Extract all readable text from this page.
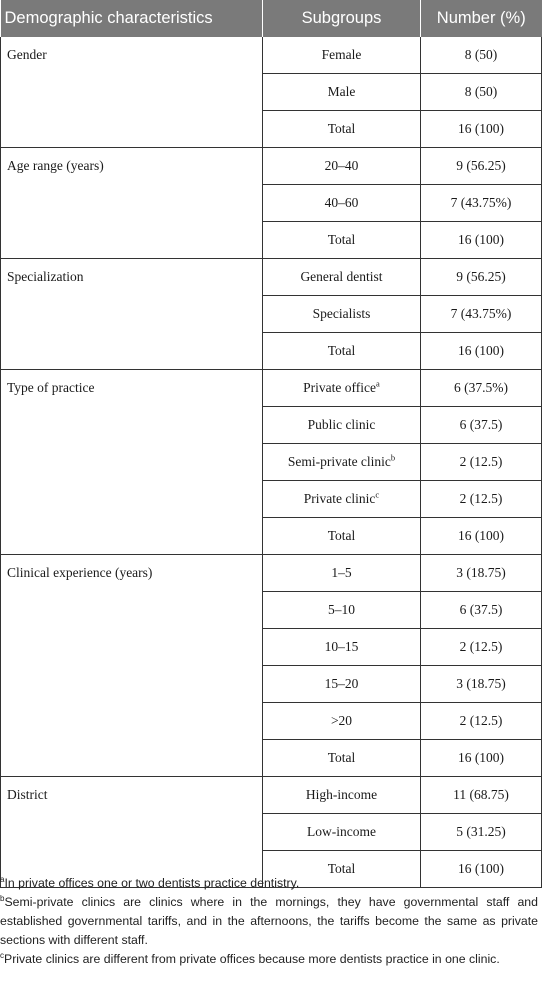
Demographic characteristics	Subgroups	Number (%)
Gender	Female	8 (50)
	Male	8 (50)
	Total	16 (100)
Age range (years)	20–40	9 (56.25)
	40–60	7 (43.75%)
	Total	16 (100)
Specialization	General dentist	9 (56.25)
	Specialists	7 (43.75%)
	Total	16 (100)
Type of practice	Private office$^a$	6 (37.5%)
	Public clinic	6 (37.5)
	Semi-private clinic$^b$	2 (12.5)
	Private clinic$^c$	2 (12.5)
	Total	16 (100)
Clinical experience (years)	1–5	3 (18.75)
	5–10	6 (37.5)
	10–15	2 (12.5)
	15–20	3 (18.75)
	>20	2 (12.5)
	Total	16 (100)
District	High-income	11 (68.75)
	Low-income	5 (31.25)
	Total	16 (100)

$^a$In private offices one or two dentists practice dentistry.

$^b$Semi-private clinics are clinics where in the mornings, they have governmental staff and established governmental tariffs, and in the afternoons, the tariffs become the same as private sections with different staff.

$^c$Private clinics are different from private offices because more dentists practice in one clinic.
